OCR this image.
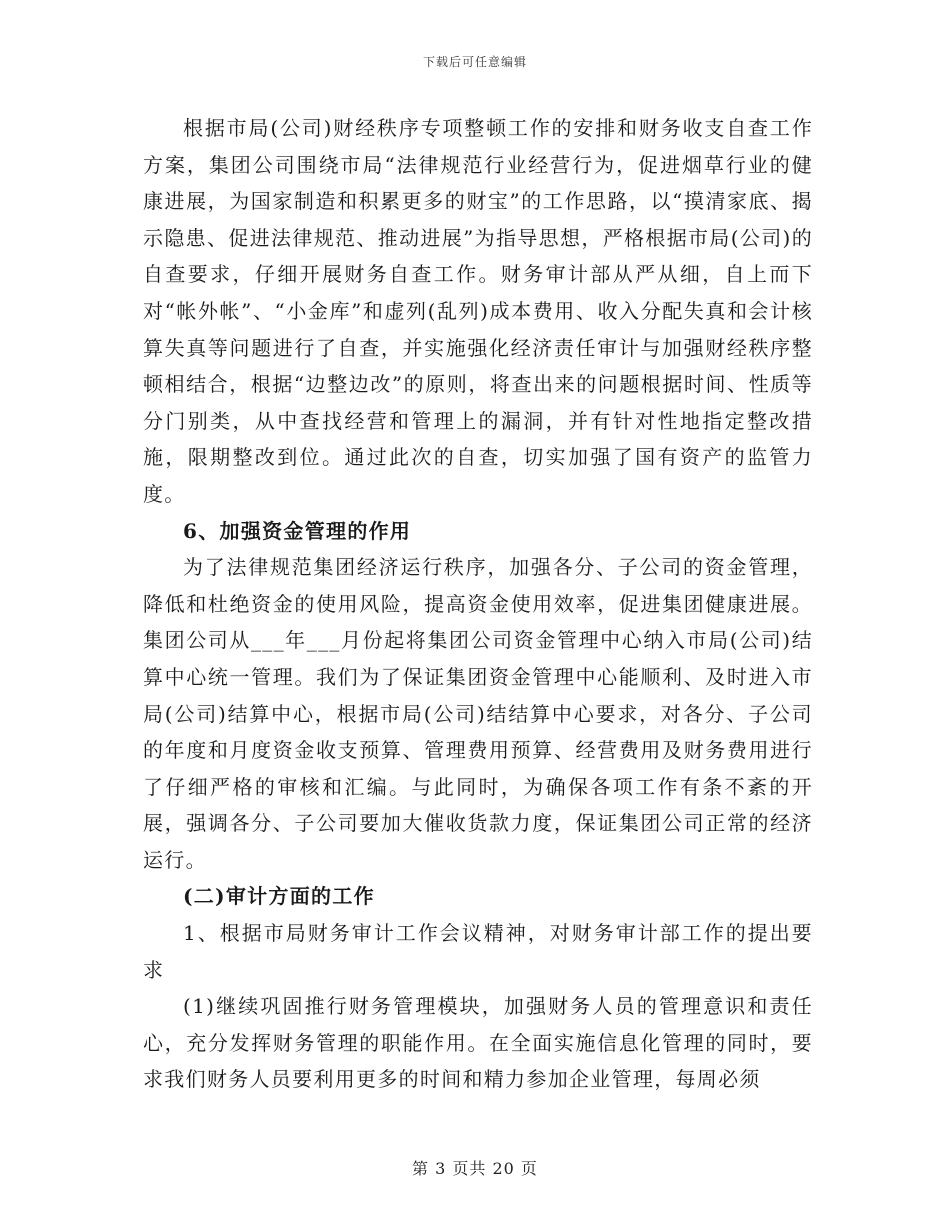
下载后可任意编辑

根据市局(公司)财经秩序专项整顿工作的安排和财务收支自查工作方案，集团公司围绕市局“法律规范行业经营行为，促进烟草行业的健康进展，为国家制造和积累更多的财宝”的工作思路，以“摸清家底、揭示隐患、促进法律规范、推动进展”为指导思想，严格根据市局(公司)的自查要求，仔细开展财务自查工作。财务审计部从严从细，自上而下对“帐外帐”、“小金库”和虚列(乱列)成本费用、收入分配失真和会计核算失真等问题进行了自查，并实施强化经济责任审计与加强财经秩序整顿相结合，根据“边整边改”的原则，将查出来的问题根据时间、性质等分门别类，从中查找经营和管理上的漏洞，并有针对性地指定整改措施，限期整改到位。通过此次的自查，切实加强了国有资产的监管力度。

6、加强资金管理的作用

为了法律规范集团经济运行秩序，加强各分、子公司的资金管理，降低和杜绝资金的使用风险，提高资金使用效率，促进集团健康进展。集团公司从___年___月份起将集团公司资金管理中心纳入市局(公司)结算中心统一管理。我们为了保证集团资金管理中心能顺利、及时进入市局(公司)结算中心，根据市局(公司)结结算中心要求，对各分、子公司的年度和月度资金收支预算、管理费用预算、经营费用及财务费用进行了仔细严格的审核和汇编。与此同时，为确保各项工作有条不紊的开展，强调各分、子公司要加大催收货款力度，保证集团公司正常的经济运行。

(二)审计方面的工作

1、根据市局财务审计工作会议精神，对财务审计部工作的提出要求

(1)继续巩固推行财务管理模块，加强财务人员的管理意识和责任心，充分发挥财务管理的职能作用。在全面实施信息化管理的同时，要求我们财务人员要利用更多的时间和精力参加企业管理，每周必须

第 3 页共 20 页
